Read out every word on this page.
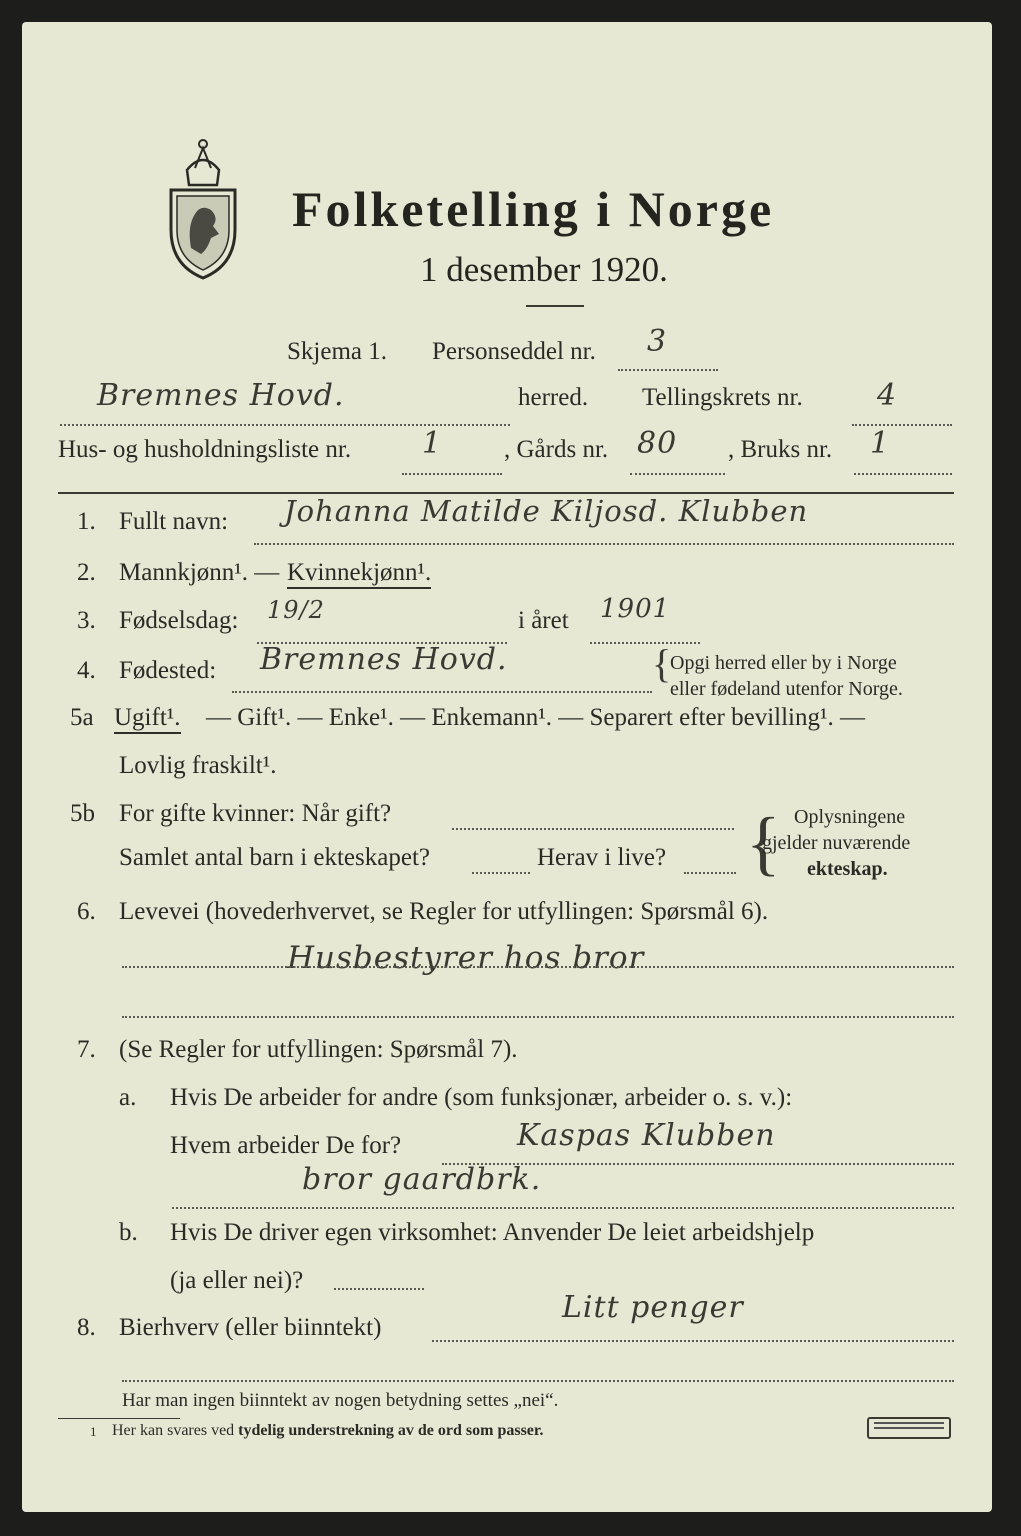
Folketelling i Norge
1 desember 1920.
Skjema 1. Personseddel nr. 3
Bremnes Hovd.	herred. Tellingskrets nr. 4
Hus- og husholdningsliste nr. 1 , Gårds nr. 80 , Bruks nr. 1
1. Fullt navn: Johanna Matilde Kiljosd. Klubben
2. Mannkjønn¹. — Kvinnekjønn¹.
3. Fødselsdag: 19/2	i året 1901
4. Fødested: Bremnes Hovd.	{
Opgi herred eller by i Norge
eller fødeland utenfor Norge.
5a Ugift¹. — Gift¹. — Enke¹. — Enkemann¹. — Separert efter bevilling¹. —
Lovlig fraskilt¹.
5b For gifte kvinner: Når gift?
Samlet antal barn i ekteskapet?	Herav i live? { Oplysningene
gjelder nuværende
ekteskap.
6. Levevei (hovederhvervet, se Regler for utfyllingen: Spørsmål 6).
Husbestyrer hos bror
7. (Se Regler for utfyllingen: Spørsmål 7).
a. Hvis De arbeider for andre (som funksjonær, arbeider o. s. v.):
Hvem arbeider De for?	Kaspas Klubben
bror gaardbrk.
b. Hvis De driver egen virksomhet: Anvender De leiet arbeidshjelp
(ja eller nei)?
8. Bierhverv (eller biinntekt)
Litt penger
Har man ingen biinntekt av nogen betydning settes „nei“.
1 Her kan svares ved tydelig understrekning av de ord som passer.
